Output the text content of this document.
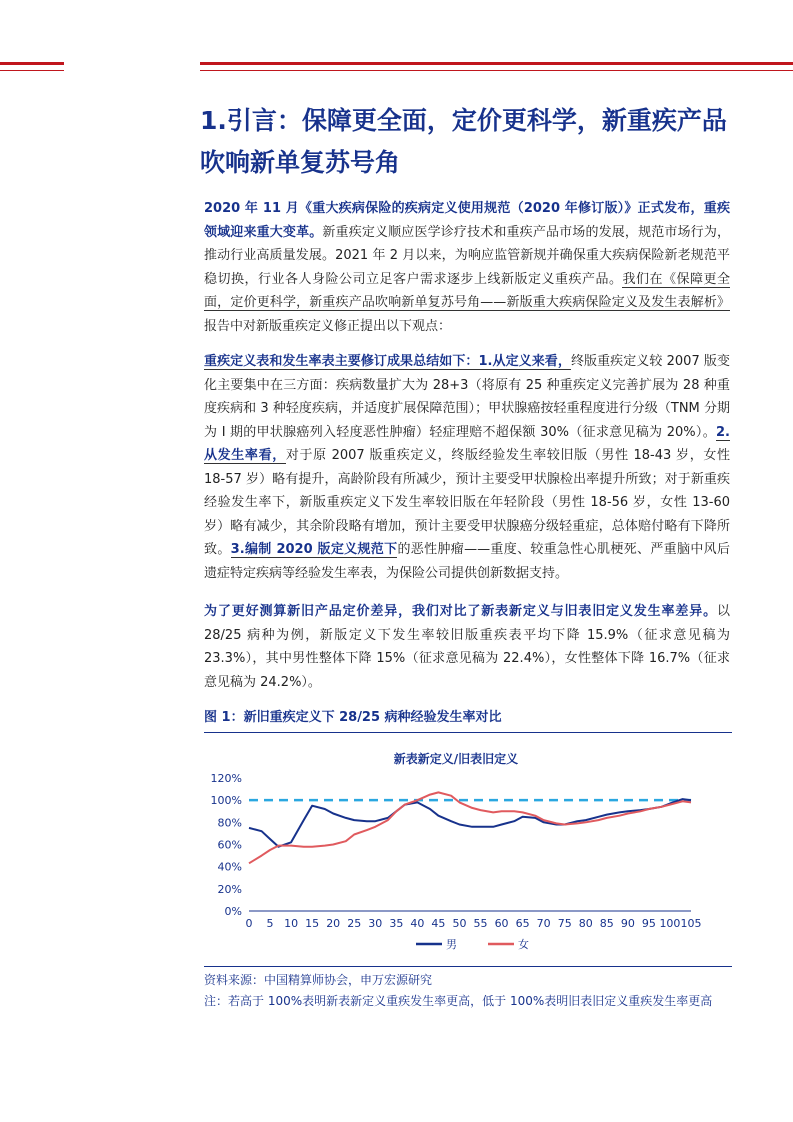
1.引言：保障更全面，定价更科学，新重疾产品吹响新单复苏号角

2020 年 11 月《重大疾病保险的疾病定义使用规范（2020 年修订版）》正式发布，重疾领域迎来重大变革。新重疾定义顺应医学诊疗技术和重疾产品市场的发展，规范市场行为，推动行业高质量发展。2021 年 2 月以来，为响应监管新规并确保重大疾病保险新老规范平稳切换，行业各人身险公司立足客户需求逐步上线新版定义重疾产品。我们在《保障更全面，定价更科学，新重疾产品吹响新单复苏号角——新版重大疾病保险定义及发生表解析》报告中对新版重疾定义修正提出以下观点：

重疾定义表和发生率表主要修订成果总结如下：1.从定义来看，终版重疾定义较 2007 版变化主要集中在三方面：疾病数量扩大为 28+3（将原有 25 种重疾定义完善扩展为 28 种重度疾病和 3 种轻度疾病，并适度扩展保障范围）；甲状腺癌按轻重程度进行分级（TNM 分期为 I 期的甲状腺癌列入轻度恶性肿瘤）轻症理赔不超保额 30%（征求意见稿为 20%）。2.从发生率看，对于原 2007 版重疾定义，终版经验发生率较旧版（男性 18-43 岁，女性 18-57 岁）略有提升，高龄阶段有所减少，预计主要受甲状腺检出率提升所致；对于新重疾经验发生率下，新版重疾定义下发生率较旧版在年轻阶段（男性 18-56 岁，女性 13-60 岁）略有减少，其余阶段略有增加，预计主要受甲状腺癌分级轻重症，总体赔付略有下降所致。3.编制 2020 版定义规范下的恶性肿瘤——重度、较重急性心肌梗死、严重脑中风后遗症特定疾病等经验发生率表，为保险公司提供创新数据支持。

为了更好测算新旧产品定价差异，我们对比了新表新定义与旧表旧定义发生率差异。以 28/25 病种为例，新版定义下发生率较旧版重疾表平均下降 15.9%（征求意见稿为 23.3%），其中男性整体下降 15%（征求意见稿为 22.4%），女性整体下降 16.7%（征求意见稿为 24.2%）。

图 1：新旧重疾定义下 28/25 病种经验发生率对比
新表新定义/旧表旧定义
0%
20%
40%
60%
80%
100%
120%
0 5 10 15 20 25 30 35 40 45 50 55 60 65 70 75 80 85 90 95 100 105
男	女
资料来源：中国精算师协会，申万宏源研究
注：若高于 100%表明新表新定义重疾发生率更高，低于 100%表明旧表旧定义重疾发生率更高
